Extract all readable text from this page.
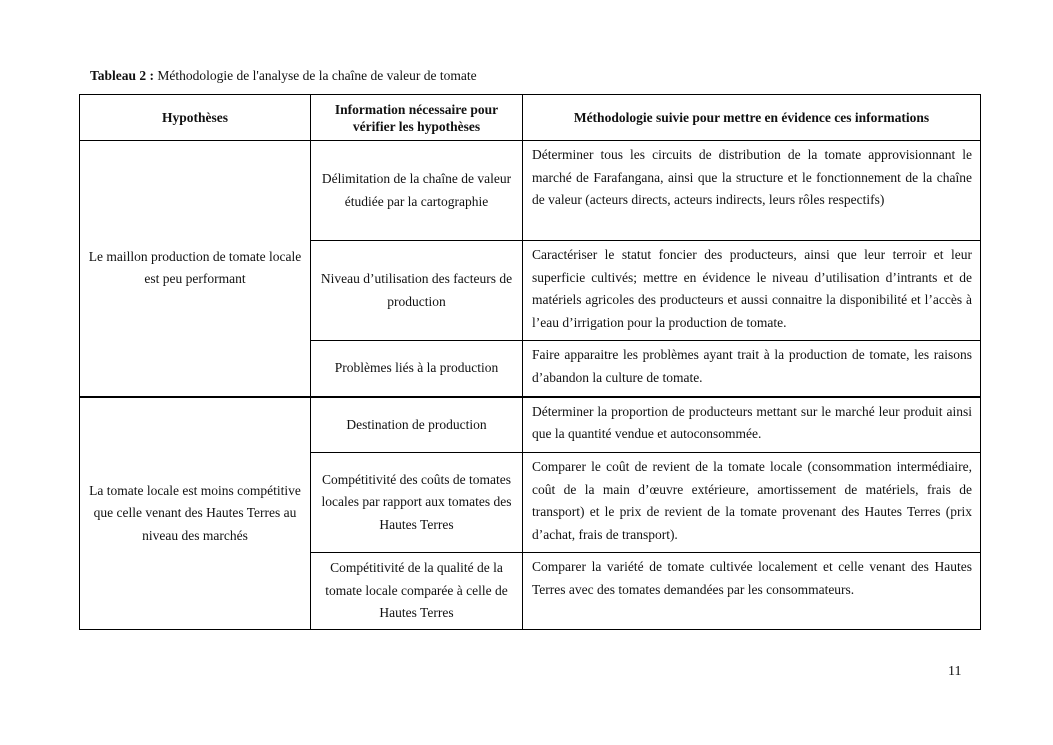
Tableau 2 : Méthodologie de l'analyse de la chaîne de valeur de tomate
Hypothèses	Information nécessaire pour vérifier les hypothèses	Méthodologie suivie pour mettre en évidence ces informations
Le maillon production de tomate locale est peu performant	Délimitation de la chaîne de valeur étudiée par la cartographie	Déterminer tous les circuits de distribution de la tomate approvisionnant le marché de Farafangana, ainsi que la structure et le fonctionnement de la chaîne de valeur (acteurs directs, acteurs indirects, leurs rôles respectifs)
	Niveau d’utilisation des facteurs de production	Caractériser le statut foncier des producteurs, ainsi que leur terroir et leur superficie cultivés; mettre en évidence le niveau d’utilisation d’intrants et de matériels agricoles des producteurs et aussi connaitre la disponibilité et l’accès à l’eau d’irrigation pour la production de tomate.
	Problèmes liés à la production	Faire apparaitre les problèmes ayant trait à la production de tomate, les raisons d’abandon la culture de tomate.
La tomate locale est moins compétitive que celle venant des Hautes Terres au niveau des marchés	Destination de production	Déterminer la proportion de producteurs mettant sur le marché leur produit ainsi que la quantité vendue et autoconsommée.
	Compétitivité des coûts de tomates locales par rapport aux tomates des Hautes Terres	Comparer le coût de revient de la tomate locale (consommation intermédiaire, coût de la main d’œuvre extérieure, amortissement de matériels, frais de transport) et le prix de revient de la tomate provenant des Hautes Terres (prix d’achat, frais de transport).
	Compétitivité de la qualité de la tomate locale comparée à celle de Hautes Terres	Comparer la variété de tomate cultivée localement et celle venant des Hautes Terres avec des tomates demandées par les consommateurs.
11
